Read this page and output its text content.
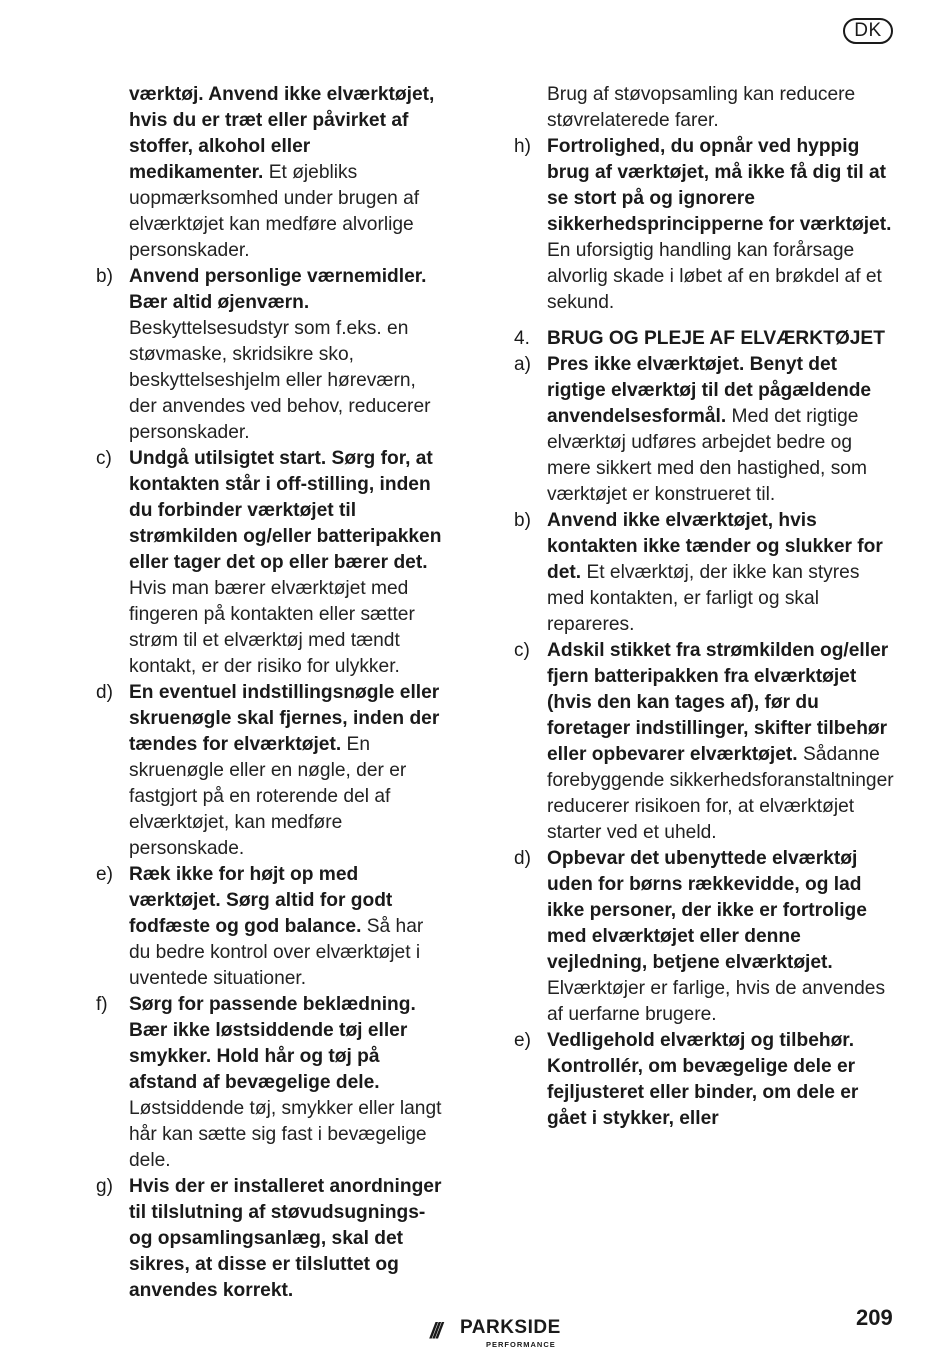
DK

værktøj. Anvend ikke elværktøjet, hvis du er træt eller påvirket af stoffer, alkohol eller medikamenter. Et øjebliks uopmærksomhed under brugen af elværktøjet kan medføre alvorlige personskader.

b) Anvend personlige værnemidler. Bær altid øjenværn. Beskyttelsesudstyr som f.eks. en støvmaske, skridsikre sko, beskyttelseshjelm eller høreværn, der anvendes ved behov, reducerer personskader.

c) Undgå utilsigtet start. Sørg for, at kontakten står i off-stilling, inden du forbinder værktøjet til strømkilden og/eller batteripakken eller tager det op eller bærer det. Hvis man bærer elværktøjet med fingeren på kontakten eller sætter strøm til et elværktøj med tændt kontakt, er der risiko for ulykker.

d) En eventuel indstillingsnøgle eller skruenøgle skal fjernes, inden der tændes for elværktøjet. En skruenøgle eller en nøgle, der er fastgjort på en roterende del af elværktøjet, kan medføre personskade.

e) Ræk ikke for højt op med værktøjet. Sørg altid for godt fodfæste og god balance. Så har du bedre kontrol over elværktøjet i uventede situationer.

f) Sørg for passende beklædning. Bær ikke løstsiddende tøj eller smykker. Hold hår og tøj på afstand af bevægelige dele. Løstsiddende tøj, smykker eller langt hår kan sætte sig fast i bevægelige dele.

g) Hvis der er installeret anordninger til tilslutning af støvudsugnings- og opsamlingsanlæg, skal det sikres, at disse er tilsluttet og anvendes korrekt.

Brug af støvopsamling kan reducere støvrelaterede farer.

h) Fortrolighed, du opnår ved hyppig brug af værktøjet, må ikke få dig til at se stort på og ignorere sikkerhedsprincipperne for værktøjet. En uforsigtig handling kan forårsage alvorlig skade i løbet af en brøkdel af et sekund.

4. BRUG OG PLEJE AF ELVÆRKTØJET

a) Pres ikke elværktøjet. Benyt det rigtige elværktøj til det pågældende anvendelsesformål. Med det rigtige elværktøj udføres arbejdet bedre og mere sikkert med den hastighed, som værktøjet er konstrueret til.

b) Anvend ikke elværktøjet, hvis kontakten ikke tænder og slukker for det. Et elværktøj, der ikke kan styres med kontakten, er farligt og skal repareres.

c) Adskil stikket fra strømkilden og/eller fjern batteripakken fra elværktøjet (hvis den kan tages af), før du foretager indstillinger, skifter tilbehør eller opbevarer elværktøjet. Sådanne forebyggende sikkerhedsforanstaltninger reducerer risikoen for, at elværktøjet starter ved et uheld.

d) Opbevar det ubenyttede elværktøj uden for børns rækkevidde, og lad ikke personer, der ikke er fortrolige med elværktøjet eller denne vejledning, betjene elværktøjet. Elværktøjer er farlige, hvis de anvendes af uerfarne brugere.

e) Vedligehold elværktøj og tilbehør. Kontrollér, om bevægelige dele er fejljusteret eller binder, om dele er gået i stykker, eller

/// PARKSIDE
PERFORMANCE
209
